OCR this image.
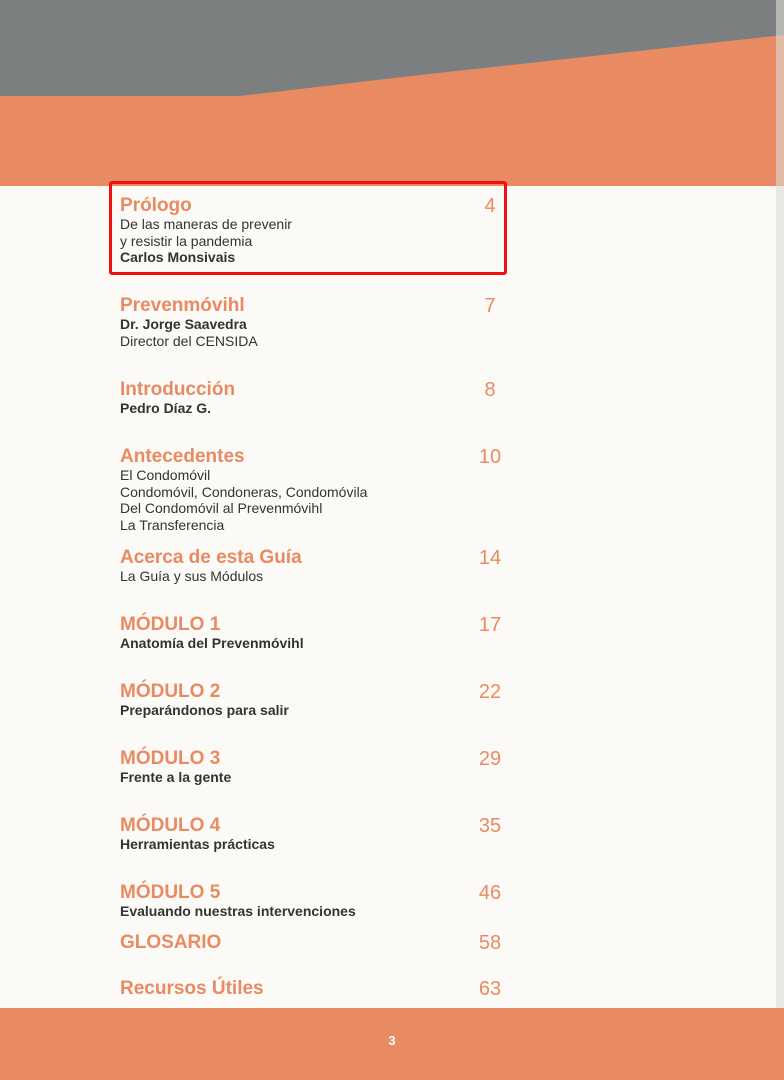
Prólogo
De las maneras de prevenir
y resistir la pandemia
Carlos Monsivais
4
Prevenmóvihl
Dr. Jorge Saavedra
Director del CENSIDA
7
Introducción
Pedro Díaz G.
8
Antecedentes
El Condomóvil
Condomóvil, Condoneras, Condomóvila
Del Condomóvil al Prevenmóvihl
La Transferencia
10
Acerca de esta Guía
La Guía y sus Módulos
14
MÓDULO 1
Anatomía del Prevenmóvihl
17
MÓDULO 2
Preparándonos para salir
22
MÓDULO 3
Frente a la gente
29
MÓDULO 4
Herramientas prácticas
35
MÓDULO 5
Evaluando nuestras intervenciones
46
GLOSARIO	58
Recursos Útiles	63
3
